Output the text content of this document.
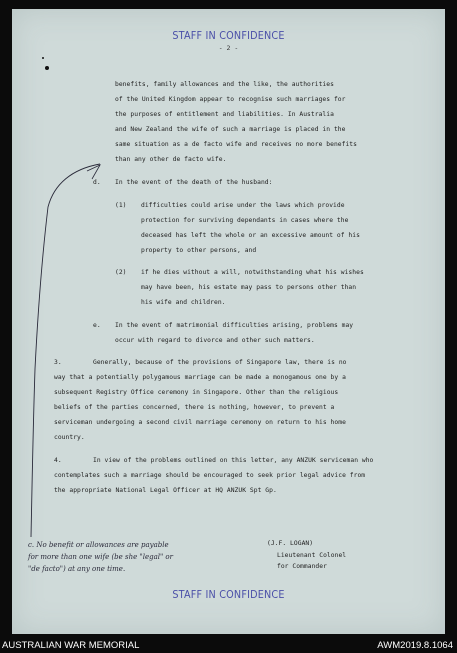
STAFF IN CONFIDENCE
- 2 -
benefits, family allowances and the like, the authorities
of the United Kingdom appear to recognise such marriages for
the purposes of entitlement and liabilities. In Australia
and New Zealand the wife of such a marriage is placed in the
same situation as a de facto wife and receives no more benefits
than any other de facto wife.
d. In the event of the death of the husband:
(1) difficulties could arise under the laws which provide
protection for surviving dependants in cases where the
deceased has left the whole or an excessive amount of his
property to other persons, and
(2) if he dies without a will, notwithstanding what his wishes
may have been, his estate may pass to persons other than
his wife and children.
e. In the event of matrimonial difficulties arising, problems may
occur with regard to divorce and other such matters.
3.	Generally, because of the provisions of Singapore law, there is no
way that a potentially polygamous marriage can be made a monogamous one by a
subsequent Registry Office ceremony in Singapore. Other than the religious
beliefs of the parties concerned, there is nothing, however, to prevent a
serviceman undergoing a second civil marriage ceremony on return to his home
country.
4.	In view of the problems outlined on this letter, any ANZUK serviceman who
contemplates such a marriage should be encouraged to seek prior legal advice from
the appropriate National Legal Officer at HQ ANZUK Spt Gp.
(J.F. LOGAN)
Lieutenant Colonel
for Commander
c. No benefit or allowances are payable
for more than one wife (be she "legal" or
"de facto") at any one time.
STAFF IN CONFIDENCE
AUSTRALIAN WAR MEMORIAL	AWM2019.8.1064
